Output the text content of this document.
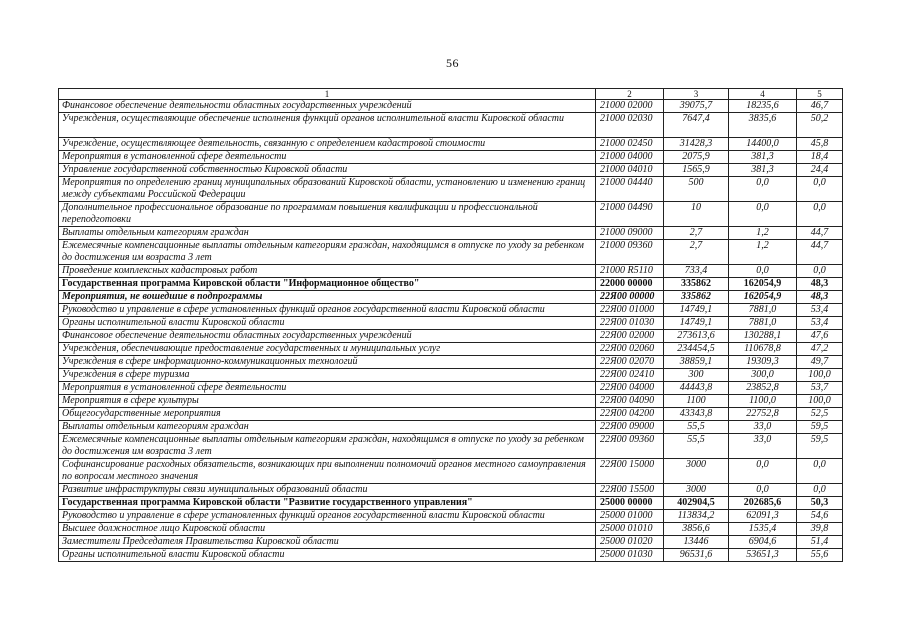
56
1	2	3	4	5
Финансовое обеспечение деятельности областных государственных учреждений	21000 02000	39075,7	18235,6	46,7
Учреждения, осуществляющие обеспечение исполнения функций органов исполнительной власти Кировской области	21000 02030	7647,4	3835,6	50,2
Учреждение, осуществляющее деятельность, связанную с определением кадастровой стоимости	21000 02450	31428,3	14400,0	45,8
Мероприятия в установленной сфере деятельности	21000 04000	2075,9	381,3	18,4
Управление государственной собственностью Кировской области	21000 04010	1565,9	381,3	24,4
Мероприятия по определению границ муниципальных образований Кировской области, установлению и изменению границ между субъектами Российской Федерации	21000 04440	500	0,0	0,0
Дополнительное профессиональное образование по программам повышения квалификации и профессиональной переподготовки	21000 04490	10	0,0	0,0
Выплаты отдельным категориям граждан	21000 09000	2,7	1,2	44,7
Ежемесячные компенсационные выплаты отдельным категориям граждан, находящимся в отпуске по уходу за ребенком до достижения им возраста 3 лет	21000 09360	2,7	1,2	44,7
Проведение комплексных кадастровых работ	21000 R5110	733,4	0,0	0,0
Государственная программа Кировской области "Информационное общество"	22000 00000	335862	162054,9	48,3
Мероприятия, не вошедшие в подпрограммы	22Я00 00000	335862	162054,9	48,3
Руководство и управление в сфере установленных функций органов государственной власти Кировской области	22Я00 01000	14749,1	7881,0	53,4
Органы исполнительной власти Кировской области	22Я00 01030	14749,1	7881,0	53,4
Финансовое обеспечение деятельности областных государственных учреждений	22Я00 02000	273613,6	130288,1	47,6
Учреждения, обеспечивающие предоставление государственных и муниципальных услуг	22Я00 02060	234454,5	110678,8	47,2
Учреждения в сфере информационно-коммуникационных технологий	22Я00 02070	38859,1	19309,3	49,7
Учреждения в сфере туризма	22Я00 02410	300	300,0	100,0
Мероприятия в установленной сфере деятельности	22Я00 04000	44443,8	23852,8	53,7
Мероприятия в сфере культуры	22Я00 04090	1100	1100,0	100,0
Общегосударственные мероприятия	22Я00 04200	43343,8	22752,8	52,5
Выплаты отдельным категориям граждан	22Я00 09000	55,5	33,0	59,5
Ежемесячные компенсационные выплаты отдельным категориям граждан, находящимся в отпуске по уходу за ребенком до достижения им возраста 3 лет	22Я00 09360	55,5	33,0	59,5
Софинансирование расходных обязательств, возникающих при выполнении полномочий органов местного самоуправления по вопросам местного значения	22Я00 15000	3000	0,0	0,0
Развитие инфраструктуры связи муниципальных образований области	22Я00 15500	3000	0,0	0,0
Государственная программа Кировской области "Развитие государственного управления"	25000 00000	402904,5	202685,6	50,3
Руководство и управление в сфере установленных функций органов государственной власти Кировской области	25000 01000	113834,2	62091,3	54,6
Высшее должностное лицо Кировской области	25000 01010	3856,6	1535,4	39,8
Заместители Председателя Правительства Кировской области	25000 01020	13446	6904,6	51,4
Органы исполнительной власти Кировской области	25000 01030	96531,6	53651,3	55,6
